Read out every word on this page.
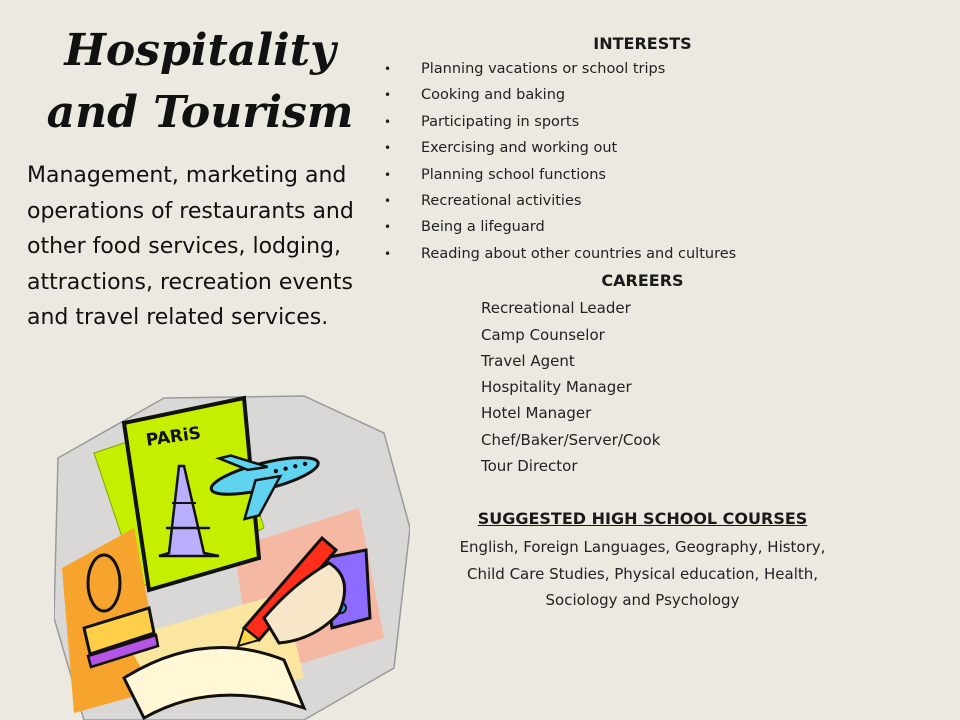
Hospitality
and Tourism
Management, marketing and operations of restaurants and other food services, lodging, attractions, recreation events and travel related services.
PARiS
INTERESTS
• Planning vacations or school trips
• Cooking and baking
• Participating in sports
• Exercising and working out
• Planning school functions
• Recreational activities
• Being a lifeguard
• Reading about other countries and cultures
CAREERS
Recreational Leader
Camp Counselor
Travel Agent
Hospitality Manager
Hotel Manager
Chef/Baker/Server/Cook
Tour Director
SUGGESTED HIGH SCHOOL COURSES
English, Foreign Languages, Geography, History,
Child Care Studies, Physical education, Health,
Sociology and Psychology
